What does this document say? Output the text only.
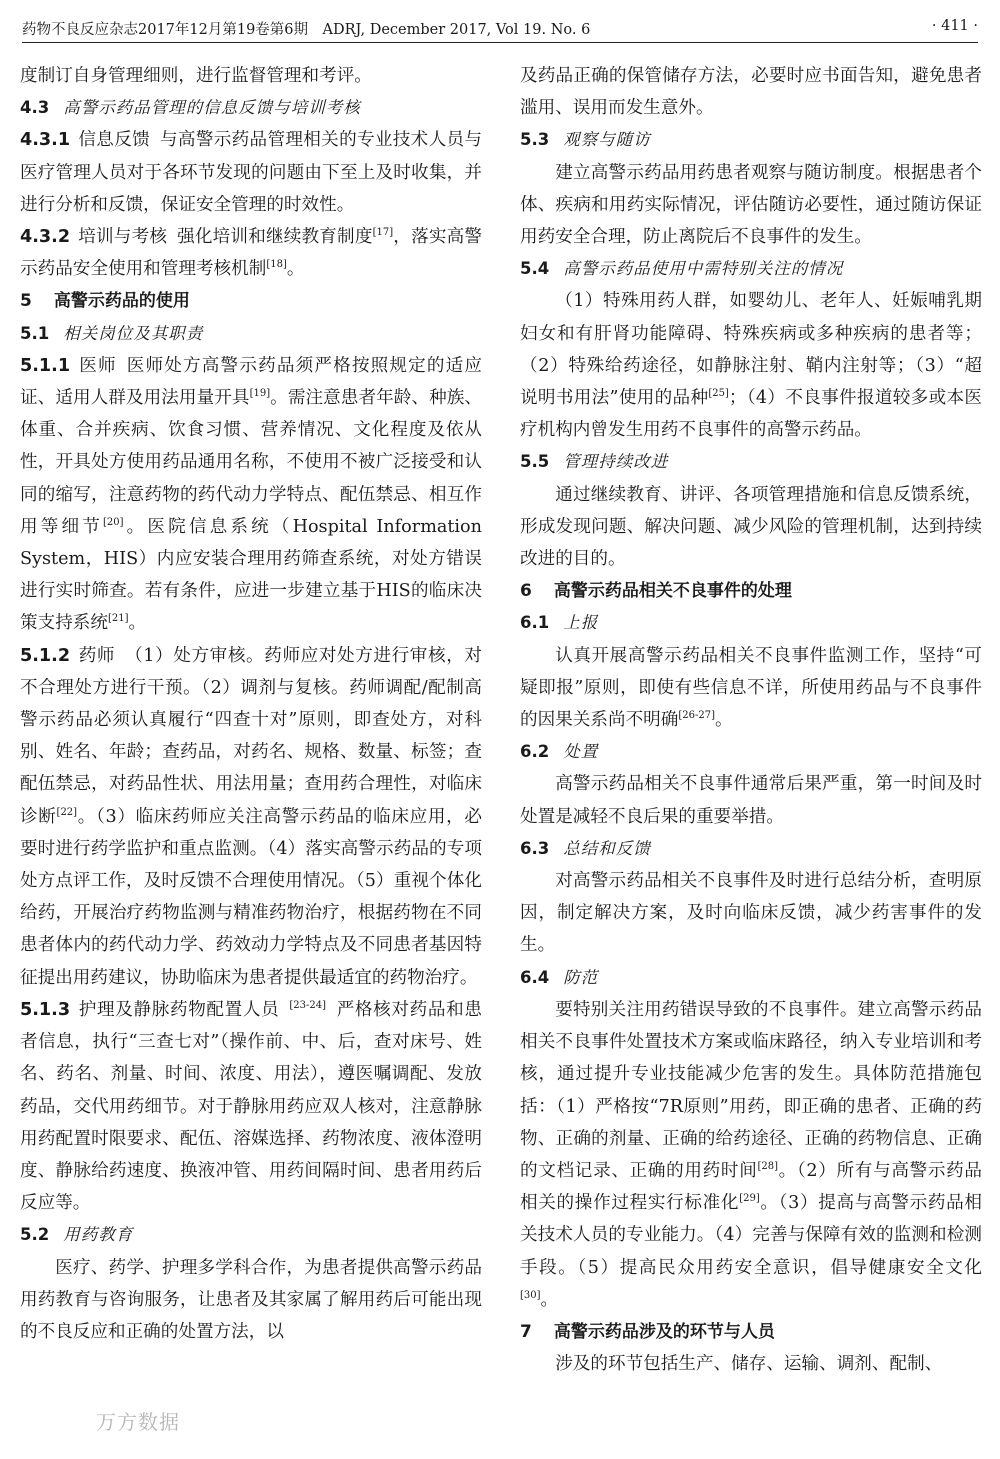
药物不良反应杂志2017年12月第19卷第6期　ADRJ, December 2017, Vol 19. No. 6	· 411 ·

度制订自身管理细则，进行监督管理和考评。

4.3 高警示药品管理的信息反馈与培训考核

4.3.1 信息反馈 与高警示药品管理相关的专业技术人员与医疗管理人员对于各环节发现的问题由下至上及时收集，并进行分析和反馈，保证安全管理的时效性。

4.3.2 培训与考核 强化培训和继续教育制度[17]，落实高警示药品安全使用和管理考核机制[18]。

5 高警示药品的使用

5.1 相关岗位及其职责

5.1.1 医师 医师处方高警示药品须严格按照规定的适应证、适用人群及用法用量开具[19]。需注意患者年龄、种族、体重、合并疾病、饮食习惯、营养情况、文化程度及依从性，开具处方使用药品通用名称，不使用不被广泛接受和认同的缩写，注意药物的药代动力学特点、配伍禁忌、相互作用等细节[20]。医院信息系统（Hospital Information System，HIS）内应安装合理用药筛查系统，对处方错误进行实时筛查。若有条件，应进一步建立基于HIS的临床决策支持系统[21]。

5.1.2 药师 （1）处方审核。药师应对处方进行审核，对不合理处方进行干预。（2）调剂与复核。药师调配/配制高警示药品必须认真履行“四查十对”原则，即查处方，对科别、姓名、年龄；查药品，对药名、规格、数量、标签；查配伍禁忌，对药品性状、用法用量；查用药合理性，对临床诊断[22]。（3）临床药师应关注高警示药品的临床应用，必要时进行药学监护和重点监测。（4）落实高警示药品的专项处方点评工作，及时反馈不合理使用情况。（5）重视个体化给药，开展治疗药物监测与精准药物治疗，根据药物在不同患者体内的药代动力学、药效动力学特点及不同患者基因特征提出用药建议，协助临床为患者提供最适宜的药物治疗。

5.1.3 护理及静脉药物配置人员 [23-24] 严格核对药品和患者信息，执行“三查七对”（操作前、中、后，查对床号、姓名、药名、剂量、时间、浓度、用法），遵医嘱调配、发放药品，交代用药细节。对于静脉用药应双人核对，注意静脉用药配置时限要求、配伍、溶媒选择、药物浓度、液体澄明度、静脉给药速度、换液冲管、用药间隔时间、患者用药后反应等。

5.2 用药教育

医疗、药学、护理多学科合作，为患者提供高警示药品用药教育与咨询服务，让患者及其家属了解用药后可能出现的不良反应和正确的处置方法，以

及药品正确的保管储存方法，必要时应书面告知，避免患者滥用、误用而发生意外。

5.3 观察与随访

建立高警示药品用药患者观察与随访制度。根据患者个体、疾病和用药实际情况，评估随访必要性，通过随访保证用药安全合理，防止离院后不良事件的发生。

5.4 高警示药品使用中需特别关注的情况

（1）特殊用药人群，如婴幼儿、老年人、妊娠哺乳期妇女和有肝肾功能障碍、特殊疾病或多种疾病的患者等；（2）特殊给药途径，如静脉注射、鞘内注射等；（3）“超说明书用法”使用的品种[25]；（4）不良事件报道较多或本医疗机构内曾发生用药不良事件的高警示药品。

5.5 管理持续改进

通过继续教育、讲评、各项管理措施和信息反馈系统，形成发现问题、解决问题、减少风险的管理机制，达到持续改进的目的。

6 高警示药品相关不良事件的处理

6.1 上报

认真开展高警示药品相关不良事件监测工作，坚持“可疑即报”原则，即使有些信息不详，所使用药品与不良事件的因果关系尚不明确[26-27]。

6.2 处置

高警示药品相关不良事件通常后果严重，第一时间及时处置是减轻不良后果的重要举措。

6.3 总结和反馈

对高警示药品相关不良事件及时进行总结分析，查明原因，制定解决方案，及时向临床反馈，减少药害事件的发生。

6.4 防范

要特别关注用药错误导致的不良事件。建立高警示药品相关不良事件处置技术方案或临床路径，纳入专业培训和考核，通过提升专业技能减少危害的发生。具体防范措施包括：（1）严格按“7R原则”用药，即正确的患者、正确的药物、正确的剂量、正确的给药途径、正确的药物信息、正确的文档记录、正确的用药时间[28]。（2）所有与高警示药品相关的操作过程实行标准化[29]。（3）提高与高警示药品相关技术人员的专业能力。（4）完善与保障有效的监测和检测手段。（5）提高民众用药安全意识，倡导健康安全文化[30]。

7 高警示药品涉及的环节与人员

涉及的环节包括生产、储存、运输、调剂、配制、

万方数据
